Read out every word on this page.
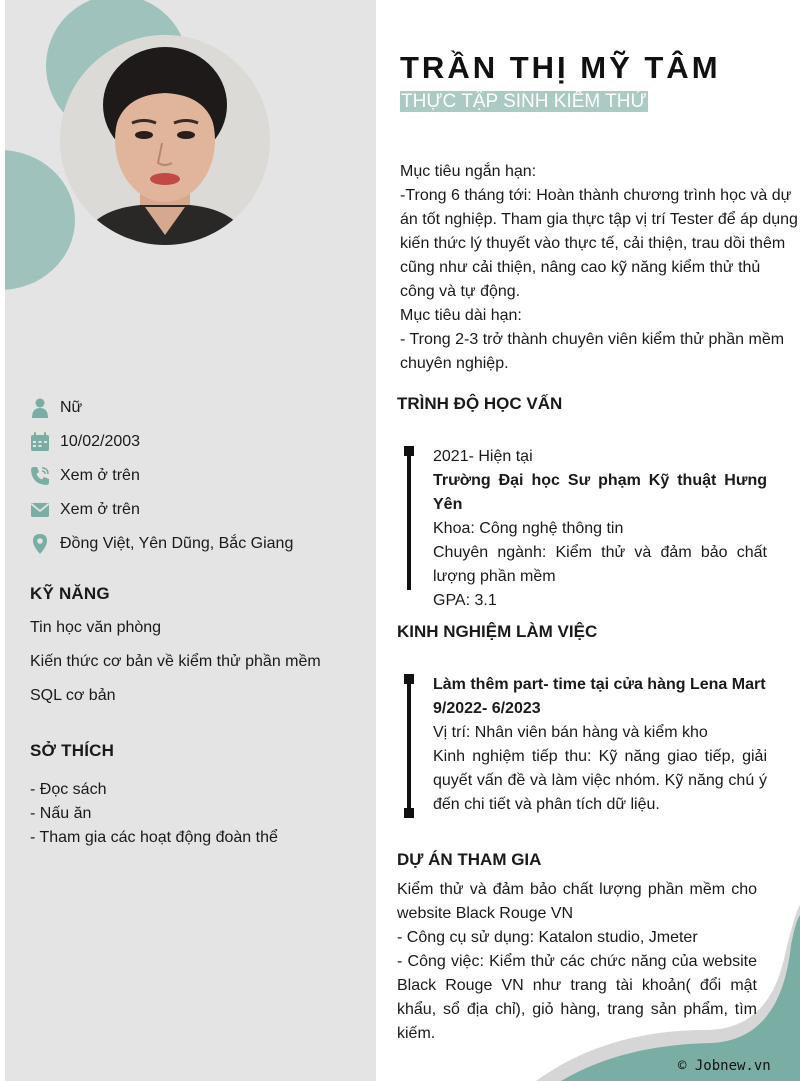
Nữ
10/02/2003
Xem ở trên
Xem ở trên
Đồng Việt, Yên Dũng, Bắc Giang
KỸ NĂNG
Tin học văn phòng
Kiến thức cơ bản về kiểm thử phần mềm
SQL cơ bản
SỞ THÍCH
- Đọc sách
- Nấu ăn
- Tham gia các hoạt động đoàn thể
TRẦN THỊ MỸ TÂM
THỰC TẬP SINH KIỂM THỬ
Mục tiêu ngắn hạn:
-Trong 6 tháng tới: Hoàn thành chương trình học và dự án tốt nghiệp. Tham gia thực tập vị trí Tester để áp dụng kiến thức lý thuyết vào thực tế, cải thiện, trau dồi thêm cũng như cải thiện, nâng cao kỹ năng kiểm thử thủ công và tự động.
Mục tiêu dài hạn:
- Trong 2-3 trở thành chuyên viên kiểm thử phần mềm chuyên nghiệp.
TRÌNH ĐỘ HỌC VẤN
2021- Hiện tại
Trường Đại học Sư phạm Kỹ thuật Hưng Yên
Khoa: Công nghệ thông tin
Chuyên ngành: Kiểm thử và đảm bảo chất lượng phần mềm
GPA: 3.1
KINH NGHIỆM LÀM VIỆC
Làm thêm part- time tại cửa hàng Lena Mart
9/2022- 6/2023
Vị trí: Nhân viên bán hàng và kiểm kho
Kinh nghiệm tiếp thu: Kỹ năng giao tiếp, giải quyết vấn đề và làm việc nhóm. Kỹ năng chú ý đến chi tiết và phân tích dữ liệu.
DỰ ÁN THAM GIA
Kiểm thử và đảm bảo chất lượng phần mềm cho website Black Rouge VN
- Công cụ sử dụng: Katalon studio, Jmeter
- Công việc: Kiểm thử các chức năng của website Black Rouge VN như trang tài khoản( đổi mật khẩu, sổ địa chỉ), giỏ hàng, trang sản phẩm, tìm kiếm.
© Jobnew.vn
